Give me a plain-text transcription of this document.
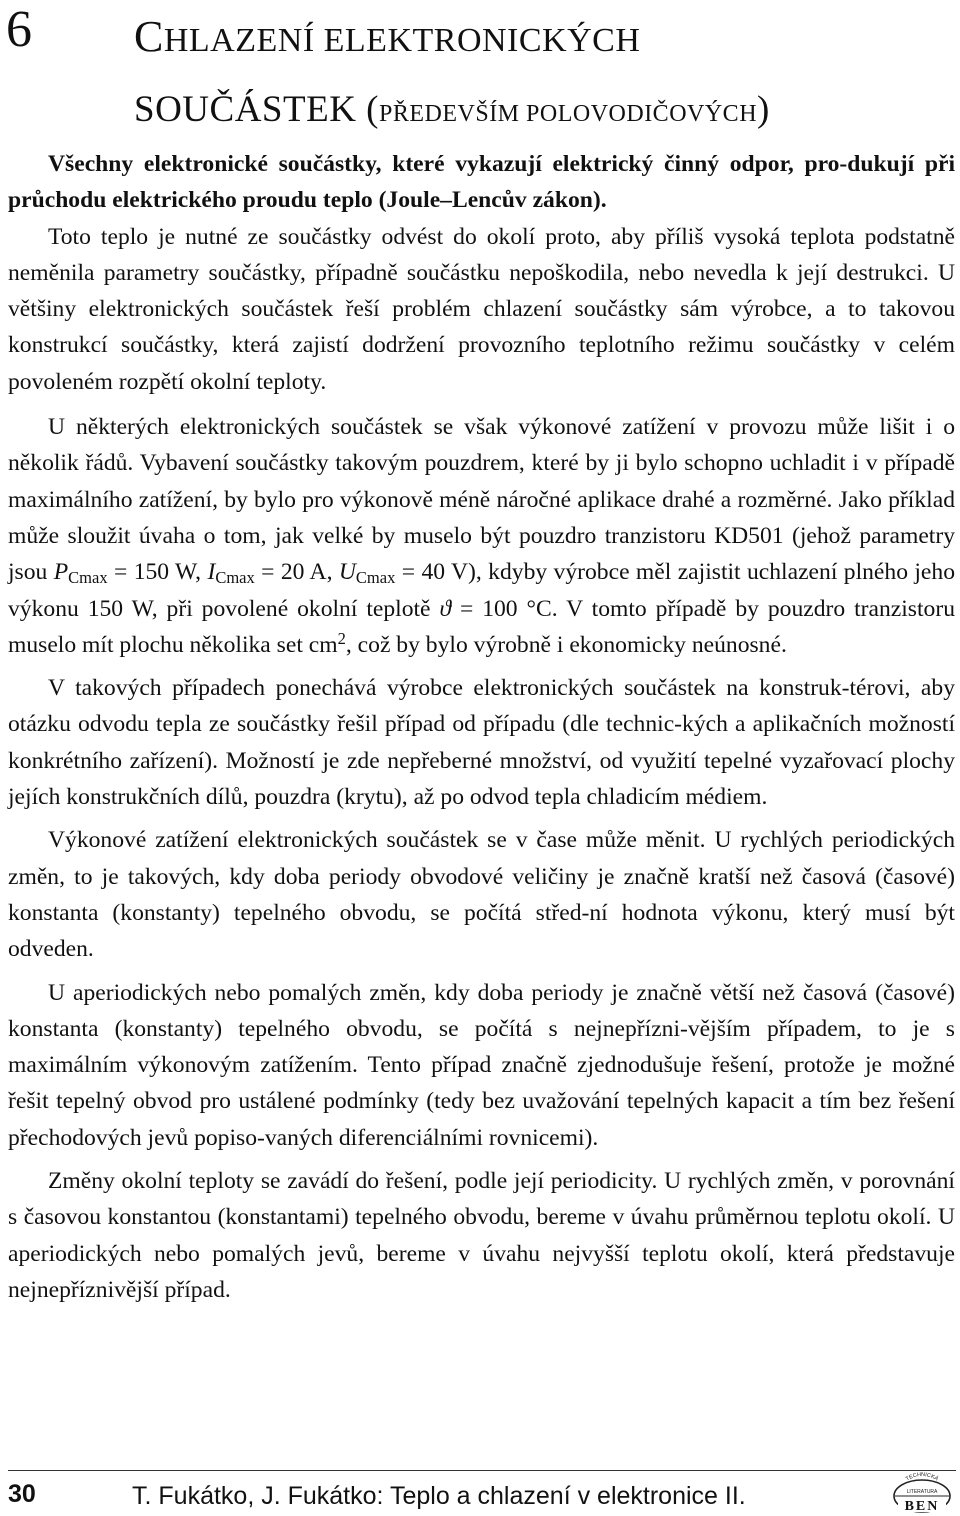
6 CHLAZENÍ ELEKTRONICKÝCH
SOUČÁSTEK (PŘEDEVŠÍM POLOVODIČOVÝCH)

Všechny elektronické součástky, které vykazují elektrický činný odpor, pro-dukují při průchodu elektrického proudu teplo (Joule–Lencův zákon).

Toto teplo je nutné ze součástky odvést do okolí proto, aby příliš vysoká teplota podstatně neměnila parametry součástky, případně součástku nepoškodila, nebo nevedla k její destrukci. U většiny elektronických součástek řeší problém chlazení součástky sám výrobce, a to takovou konstrukcí součástky, která zajistí dodržení provozního teplotního režimu součástky v celém povoleném rozpětí okolní teploty.

U některých elektronických součástek se však výkonové zatížení v provozu může lišit i o několik řádů. Vybavení součástky takovým pouzdrem, které by ji bylo schopno uchladit i v případě maximálního zatížení, by bylo pro výkonově méně náročné aplikace drahé a rozměrné. Jako příklad může sloužit úvaha o tom, jak velké by muselo být pouzdro tranzistoru KD501 (jehož parametry jsou $P_{Cmax} = 150$ W, $I_{Cmax} = 20$ A, $U_{Cmax} = 40$ V), kdyby výrobce měl zajistit uchlazení plného jeho výkonu 150 W, při povolené okolní teplotě ϑ = 100 °C. V tomto případě by pouzdro tranzistoru muselo mít plochu několika set $cm^2$, což by bylo výrobně i ekonomicky neúnosné.

V takových případech ponechává výrobce elektronických součástek na konstruk-térovi, aby otázku odvodu tepla ze součástky řešil případ od případu (dle technic-kých a aplikačních možností konkrétního zařízení). Možností je zde nepřeberné množství, od využití tepelné vyzařovací plochy jejích konstrukčních dílů, pouzdra (krytu), až po odvod tepla chladicím médiem.

Výkonové zatížení elektronických součástek se v čase může měnit. U rychlých periodických změn, to je takových, kdy doba periody obvodové veličiny je značně kratší než časová (časové) konstanta (konstanty) tepelného obvodu, se počítá střed-ní hodnota výkonu, který musí být odveden.

U aperiodických nebo pomalých změn, kdy doba periody je značně větší než časová (časové) konstanta (konstanty) tepelného obvodu, se počítá s nejnepřízni-vějším případem, to je s maximálním výkonovým zatížením. Tento případ značně zjednodušuje řešení, protože je možné řešit tepelný obvod pro ustálené podmínky (tedy bez uvažování tepelných kapacit a tím bez řešení přechodových jevů popiso-vaných diferenciálními rovnicemi).

Změny okolní teploty se zavádí do řešení, podle její periodicity. U rychlých změn, v porovnání s časovou konstantou (konstantami) tepelného obvodu, bereme v úvahu průměrnou teplotu okolí. U aperiodických nebo pomalých jevů, bereme v úvahu nejvyšší teplotu okolí, která představuje nejnepříznivější případ.

30	T. Fukátko, J. Fukátko: Teplo a chlazení v elektronice II.
TECHNICKÁ
LITERATURA
BEN
